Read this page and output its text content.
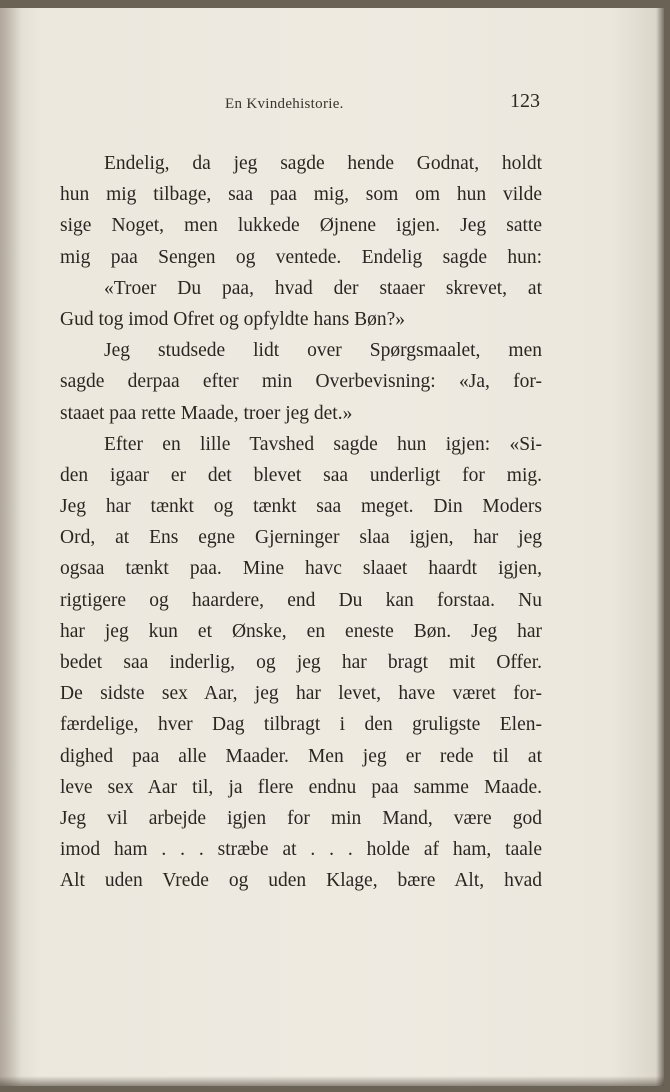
En Kvindehistorie.	123
Endelig, da jeg sagde hende Godnat, holdt
hun mig tilbage, saa paa mig, som om hun vilde
sige Noget, men lukkede Øjnene igjen. Jeg satte
mig paa Sengen og ventede. Endelig sagde hun:
«Troer Du paa, hvad der staaer skrevet, at
Gud tog imod Ofret og opfyldte hans Bøn?»
Jeg studsede lidt over Spørgsmaalet, men
sagde derpaa efter min Overbevisning: «Ja, for-
staaet paa rette Maade, troer jeg det.»
Efter en lille Tavshed sagde hun igjen: «Si-
den igaar er det blevet saa underligt for mig.
Jeg har tænkt og tænkt saa meget. Din Moders
Ord, at Ens egne Gjerninger slaa igjen, har jeg
ogsaa tænkt paa. Mine havc slaaet haardt igjen,
rigtigere og haardere, end Du kan forstaa. Nu
har jeg kun et Ønske, en eneste Bøn. Jeg har
bedet saa inderlig, og jeg har bragt mit Offer.
De sidste sex Aar, jeg har levet, have været for-
færdelige, hver Dag tilbragt i den gruligste Elen-
dighed paa alle Maader. Men jeg er rede til at
leve sex Aar til, ja flere endnu paa samme Maade.
Jeg vil arbejde igjen for min Mand, være god
imod ham . . . stræbe at . . . holde af ham, taale
Alt uden Vrede og uden Klage, bære Alt, hvad
